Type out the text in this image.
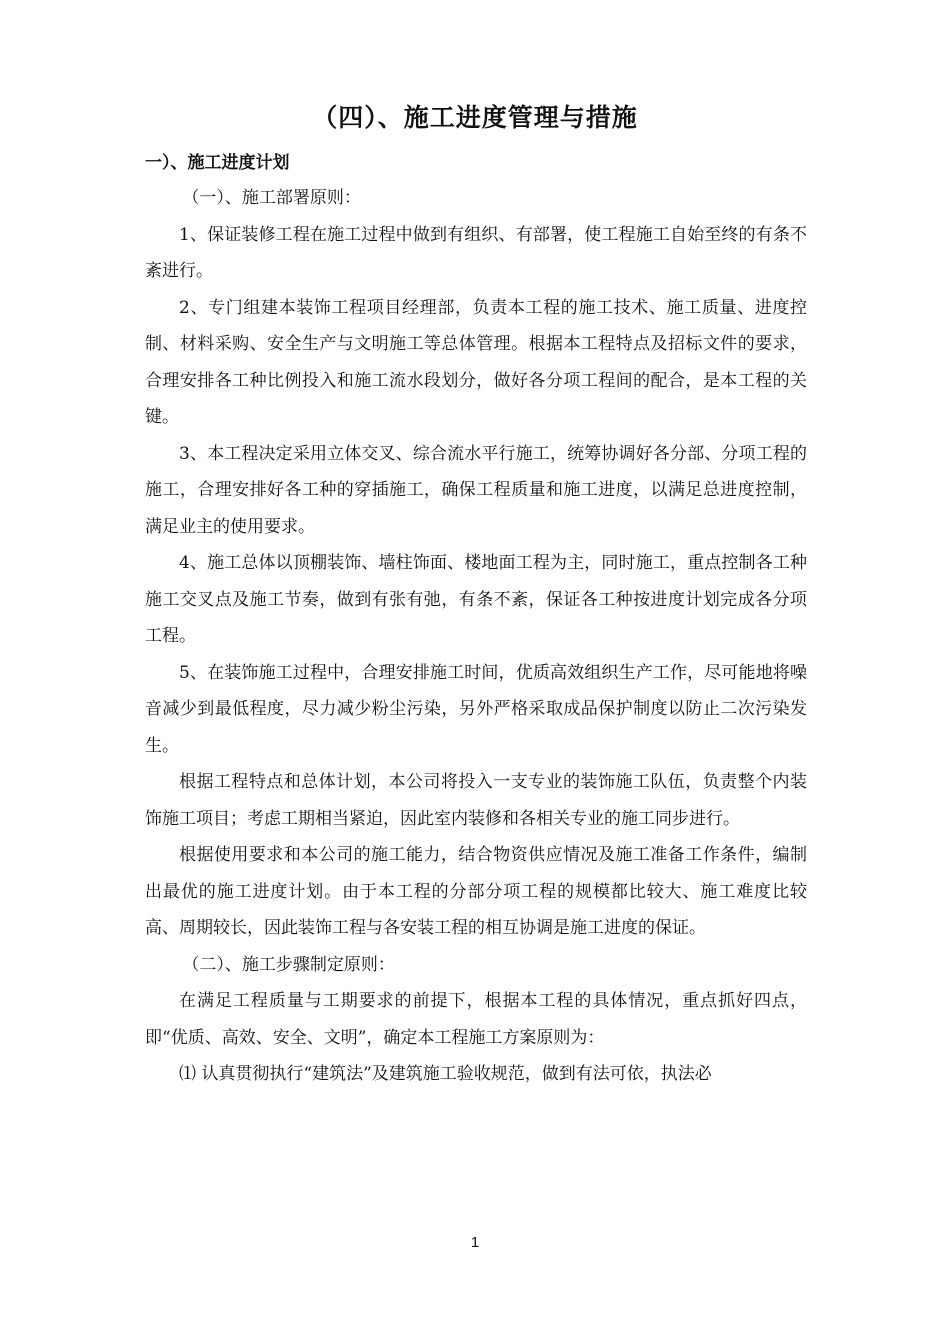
（四）、施工进度管理与措施
一）、施工进度计划

（一）、施工部署原则：

1、保证装修工程在施工过程中做到有组织、有部署，使工程施工自始至终的有条不紊进行。

2、专门组建本装饰工程项目经理部，负责本工程的施工技术、施工质量、进度控制、材料采购、安全生产与文明施工等总体管理。根据本工程特点及招标文件的要求，合理安排各工种比例投入和施工流水段划分，做好各分项工程间的配合，是本工程的关键。

3、本工程决定采用立体交叉、综合流水平行施工，统筹协调好各分部、分项工程的施工，合理安排好各工种的穿插施工，确保工程质量和施工进度，以满足总进度控制，满足业主的使用要求。

4、施工总体以顶棚装饰、墙柱饰面、楼地面工程为主，同时施工，重点控制各工种施工交叉点及施工节奏，做到有张有弛，有条不紊，保证各工种按进度计划完成各分项工程。

5、在装饰施工过程中，合理安排施工时间，优质高效组织生产工作，尽可能地将噪音减少到最低程度，尽力减少粉尘污染，另外严格采取成品保护制度以防止二次污染发生。

根据工程特点和总体计划，本公司将投入一支专业的装饰施工队伍，负责整个内装饰施工项目；考虑工期相当紧迫，因此室内装修和各相关专业的施工同步进行。

根据使用要求和本公司的施工能力，结合物资供应情况及施工准备工作条件，编制出最优的施工进度计划。由于本工程的分部分项工程的规模都比较大、施工难度比较高、周期较长，因此装饰工程与各安装工程的相互协调是施工进度的保证。

（二）、施工步骤制定原则：

在满足工程质量与工期要求的前提下，根据本工程的具体情况，重点抓好四点，即“优质、高效、安全、文明”，确定本工程施工方案原则为：

⑴ 认真贯彻执行“建筑法”及建筑施工验收规范，做到有法可依，执法必

1
